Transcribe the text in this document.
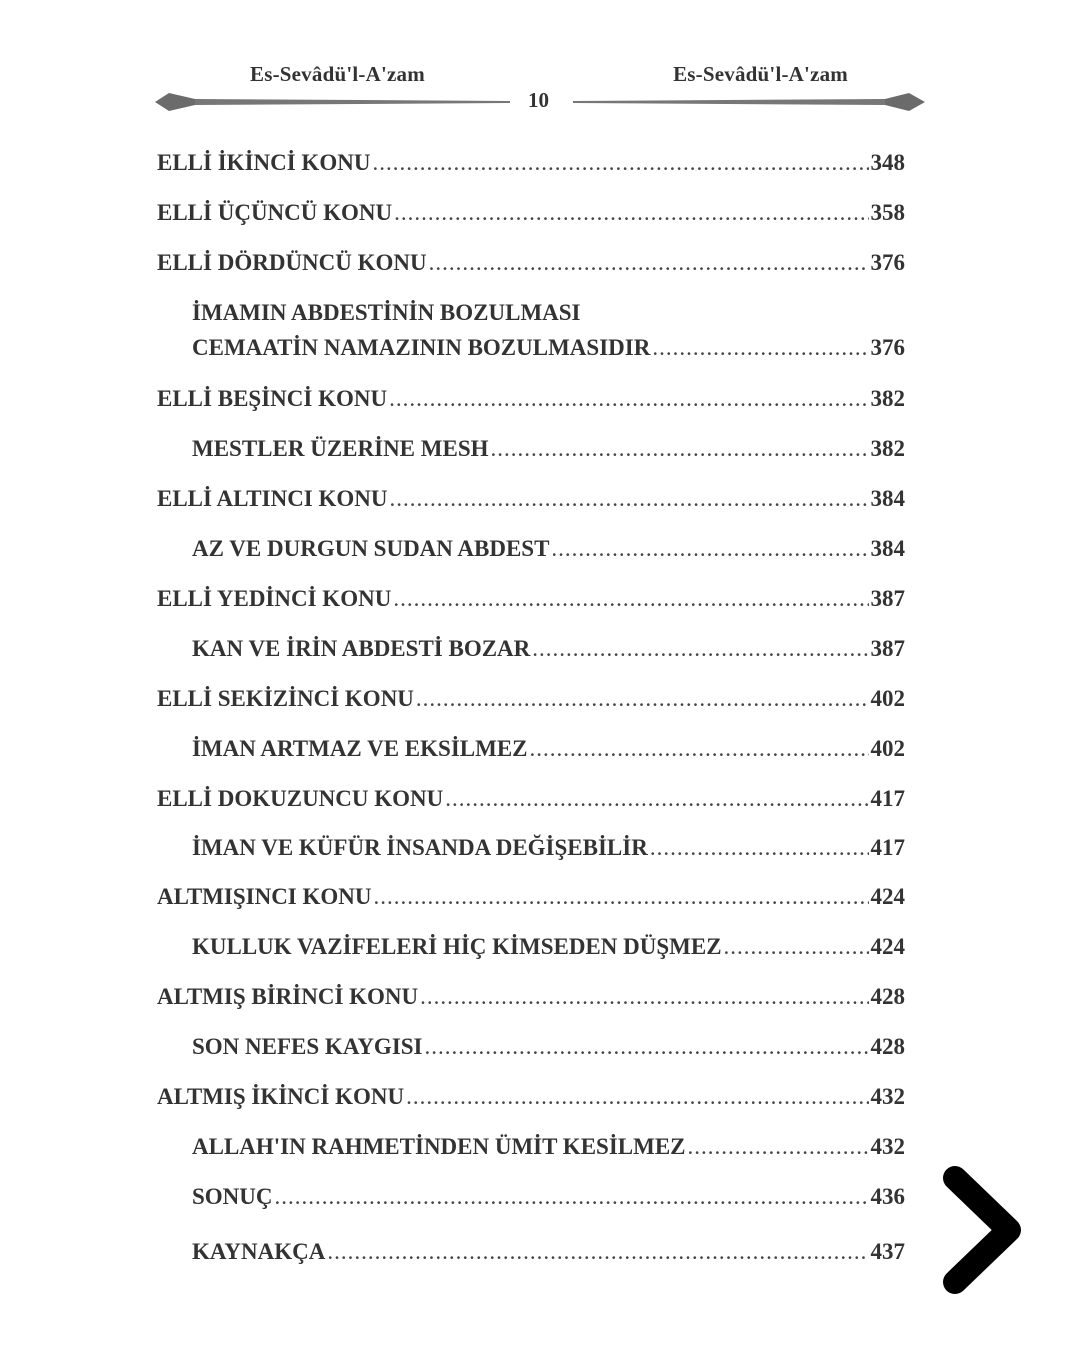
Es-Sevâdü'l-A'zam	Es-Sevâdü'l-A'zam
10
ELLİ İKİNCİ KONU .....	348
ELLİ ÜÇÜNCÜ KONU .....	358
ELLİ DÖRDÜNCÜ KONU .....	376
İMAMIN ABDESTİNİN BOZULMASI
CEMAATİN NAMAZININ BOZULMASIDIR .....	376
ELLİ BEŞİNCİ KONU .....	382
MESTLER ÜZERİNE MESH .....	382
ELLİ ALTINCI KONU .....	384
AZ VE DURGUN SUDAN ABDEST .....	384
ELLİ YEDİNCİ KONU .....	387
KAN VE İRİN ABDESTİ BOZAR .....	387
ELLİ SEKİZİNCİ KONU .....	402
İMAN ARTMAZ VE EKSİLMEZ .....	402
ELLİ DOKUZUNCU KONU .....	417
İMAN VE KÜFÜR İNSANDA DEĞİŞEBİLİR .....	417
ALTMIŞINCI KONU .....	424
KULLUK VAZİFELERİ HİÇ KİMSEDEN DÜŞMEZ .....	424
ALTMIŞ BİRİNCİ KONU .....	428
SON NEFES KAYGISI .....	428
ALTMIŞ İKİNCİ KONU .....	432
ALLAH'IN RAHMETİNDEN ÜMİT KESİLMEZ .....	432
SONUÇ .....	436
KAYNAKÇA .....	437
